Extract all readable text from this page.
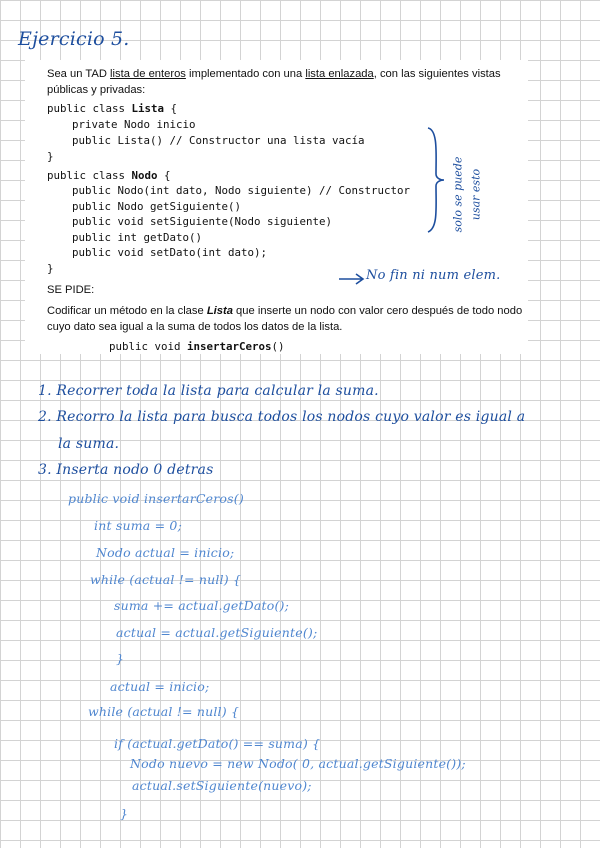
Ejercicio 5.

Sea un TAD lista de enteros implementado con una lista enlazada, con las siguientes vistas

públicas y privadas:

public class Lista {

private Nodo inicio

public Lista() // Constructor una lista vacía

}

public class Nodo {

public Nodo(int dato, Nodo siguiente) // Constructor

public Nodo getSiguiente()

public void setSiguiente(Nodo siguiente)

public int getDato()

public void setDato(int dato);

}

SE PIDE:

Codificar un método en la clase Lista que inserte un nodo con valor cero después de todo nodo

cuyo dato sea igual a la suma de todos los datos de la lista.

public void insertarCeros()

solo se puede usar esto

No fin ni num elem.

1. Recorrer toda la lista para calcular la suma.

2. Recorro la lista para busca todos los nodos cuyo valor es igual a

la suma.

3. Inserta nodo 0 detras

public void insertarCeros()

int suma = 0;

Nodo actual = inicio;

while (actual != null) {

suma += actual.getDato();

actual = actual.getSiguiente();

}

actual = inicio;

while (actual != null) {

if (actual.getDato() == suma) {

Nodo nuevo = new Nodo( 0, actual.getSiguiente());

actual.setSiguiente(nuevo);

}
